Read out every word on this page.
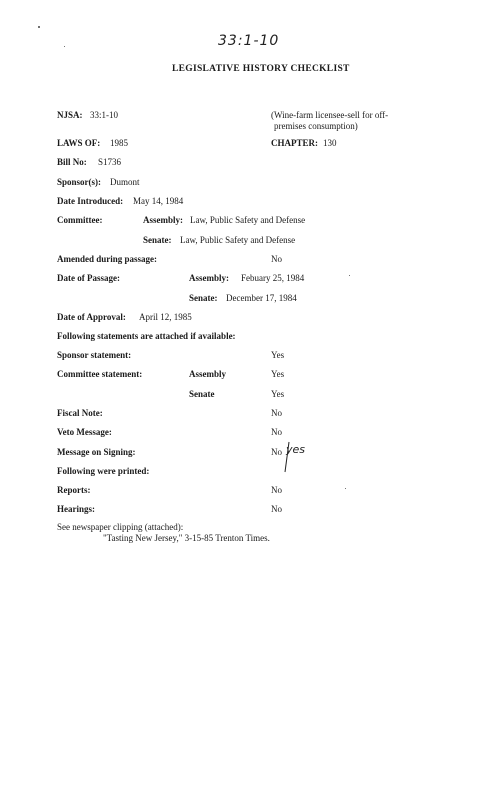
33:1-10
LEGISLATIVE HISTORY CHECKLIST
NJSA: 33:1-10	(Wine-farm licensee-sell for off-
premises consumption)
LAWS OF: 1985	CHAPTER: 130
Bill No: S1736
Sponsor(s): Dumont
Date Introduced: May 14, 1984
Committee:	Assembly: Law, Public Safety and Defense
Senate: Law, Public Safety and Defense
Amended during passage:	No
Date of Passage:	Assembly: Febuary 25, 1984
Senate: December 17, 1984
Date of Approval: April 12, 1985
Following statements are attached if available:
Sponsor statement:	Yes
Committee statement:	Assembly	Yes
Senate	Yes
Fiscal Note:	No
Veto Message:	No
Message on Signing:	No yes
Following were printed:
Reports:	No
Hearings:	No
See newspaper clipping (attached):
"Tasting New Jersey," 3-15-85 Trenton Times.
